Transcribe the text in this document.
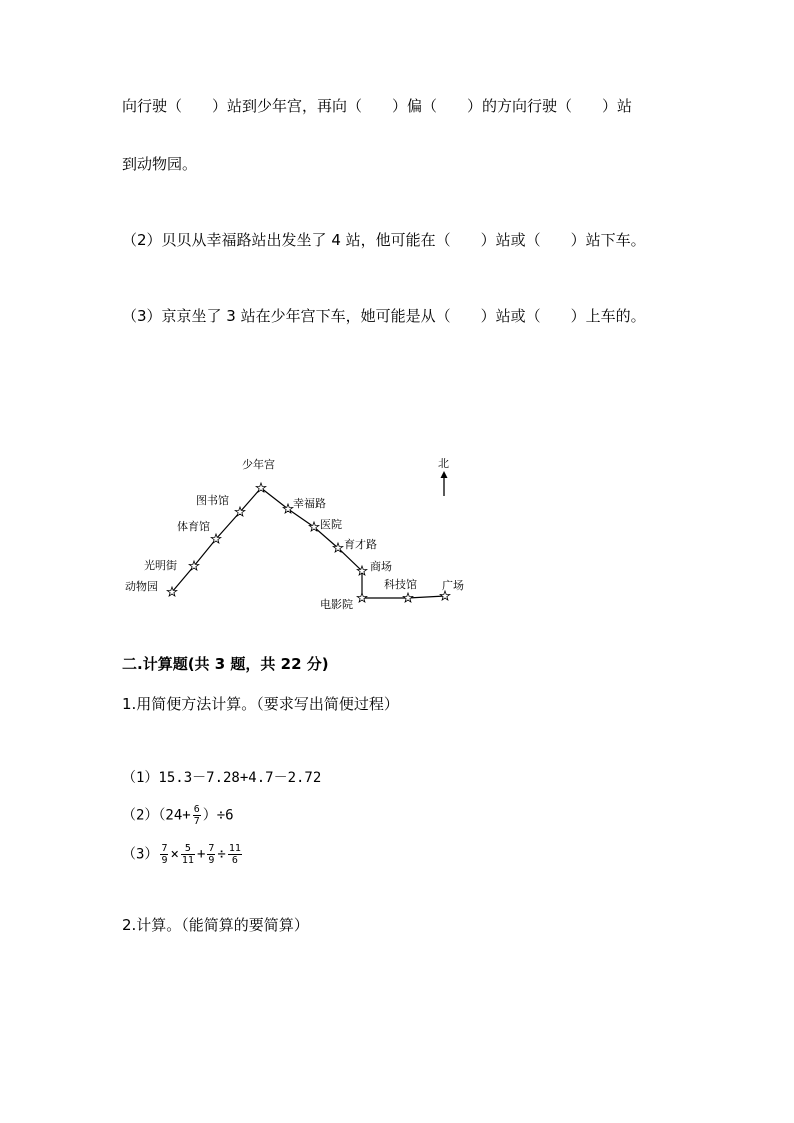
向行驶（　　）站到少年宫，再向（　　）偏（　　）的方向行驶（　　）站
到动物园。
（2）贝贝从幸福路站出发坐了 4 站，他可能在（　　）站或（　　）站下车。
（3）京京坐了 3 站在少年宫下车，她可能是从（　　）站或（　　）上车的。
少年宫
图书馆
体育馆
光明街
动物园
幸福路
医院
育才路
商场
电影院
科技馆 广场
北
二.计算题(共 3 题，共 22 分)
1.用简便方法计算。（要求写出简便过程）
（1）15.3－7.28+4.7－2.72
$(2)(24+ \frac{6}{7} )\div 6$
$(3) \frac{7}{9} \times \frac{5}{11} + \frac{7}{9} \div \frac{11}{6}$
2.计算。（能简算的要简算）
